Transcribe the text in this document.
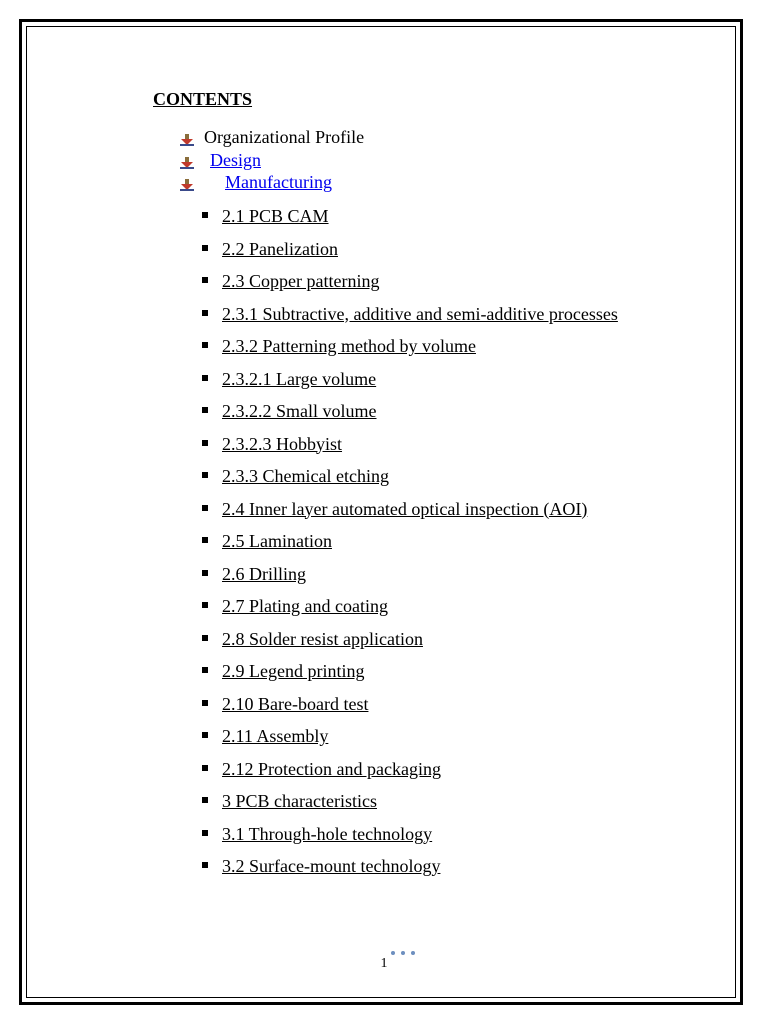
CONTENTS
Organizational Profile
Design
Manufacturing
2.1 PCB CAM
2.2 Panelization
2.3 Copper patterning
2.3.1 Subtractive, additive and semi-additive processes
2.3.2 Patterning method by volume
2.3.2.1 Large volume
2.3.2.2 Small volume
2.3.2.3 Hobbyist
2.3.3 Chemical etching
2.4 Inner layer automated optical inspection (AOI)
2.5 Lamination
2.6 Drilling
2.7 Plating and coating
2.8 Solder resist application
2.9 Legend printing
2.10 Bare-board test
2.11 Assembly
2.12 Protection and packaging
3 PCB characteristics
3.1 Through-hole technology
3.2 Surface-mount technology
1
